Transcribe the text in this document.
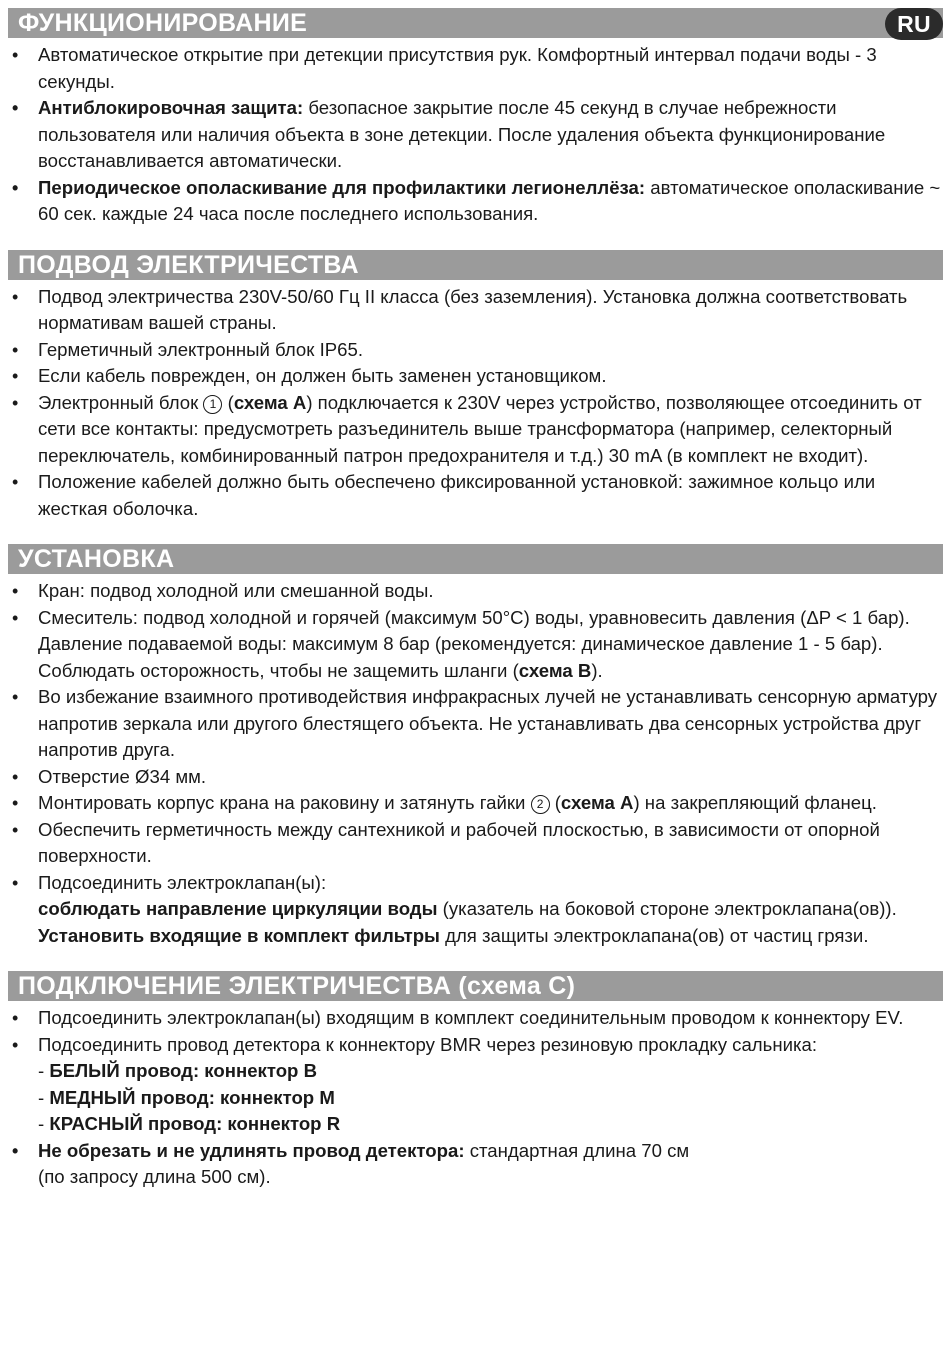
ФУНКЦИОНИРОВАНИЕ	RU
• Автоматическое открытие при детекции присутствия рук. Комфортный интервал подачи воды - 3 секунды.
• Антиблокировочная защита: безопасное закрытие после 45 секунд в случае небрежности пользователя или наличия объекта в зоне детекции. После удаления объекта функционирование восстанавливается автоматически.
• Периодическое ополаскивание для профилактики легионеллёза: автоматическое ополаскивание ~ 60 сек. каждые 24 часа после последнего использования.
ПОДВОД ЭЛЕКТРИЧЕСТВА
• Подвод электричества 230V-50/60 Гц II класса (без заземления). Установка должна соответствовать нормативам вашей страны.
• Герметичный электронный блок IP65.
• Если кабель поврежден, он должен быть заменен установщиком.
• Электронный блок 1 (схема A) подключается к 230V через устройство, позволяющее отсоединить от сети все контакты: предусмотреть разъединитель выше трансформатора (например, селекторный переключатель, комбинированный патрон предохранителя и т.д.) 30 mA (в комплект не входит).
• Положение кабелей должно быть обеспечено фиксированной установкой: зажимное кольцо или жесткая оболочка.
УСТАНОВКА
• Кран: подвод холодной или смешанной воды.
• Смеситель: подвод холодной и горячей (максимум 50°C) воды, уравновесить давления (ΔP < 1 бар). Давление подаваемой воды: максимум 8 бар (рекомендуется: динамическое давление 1 - 5 бар). Соблюдать осторожность, чтобы не защемить шланги (схема B).
• Во избежание взаимного противодействия инфракрасных лучей не устанавливать сенсорную арматуру напротив зеркала или другого блестящего объекта. Не устанавливать два сенсорных устройства друг напротив друга.
• Отверстие Ø34 мм.
• Монтировать корпус крана на раковину и затянуть гайки 2 (схема A) на закрепляющий фланец.
• Обеспечить герметичность между сантехникой и рабочей плоскостью, в зависимости от опорной поверхности.
• Подсоединить электроклапан(ы):
соблюдать направление циркуляции воды (указатель на боковой стороне электроклапана(ов)).
Установить входящие в комплект фильтры для защиты электроклапана(ов) от частиц грязи.
ПОДКЛЮЧЕНИЕ ЭЛЕКТРИЧЕСТВА (схема C)
• Подсоединить электроклапан(ы) входящим в комплект соединительным проводом к коннектору EV.
• Подсоединить провод детектора к коннектору BMR через резиновую прокладку сальника:
- БЕЛЫЙ провод: коннектор B
- МЕДНЫЙ провод: коннектор M
- КРАСНЫЙ провод: коннектор R
• Не обрезать и не удлинять провод детектора: стандартная длина 70 см
(по запросу длина 500 см).
